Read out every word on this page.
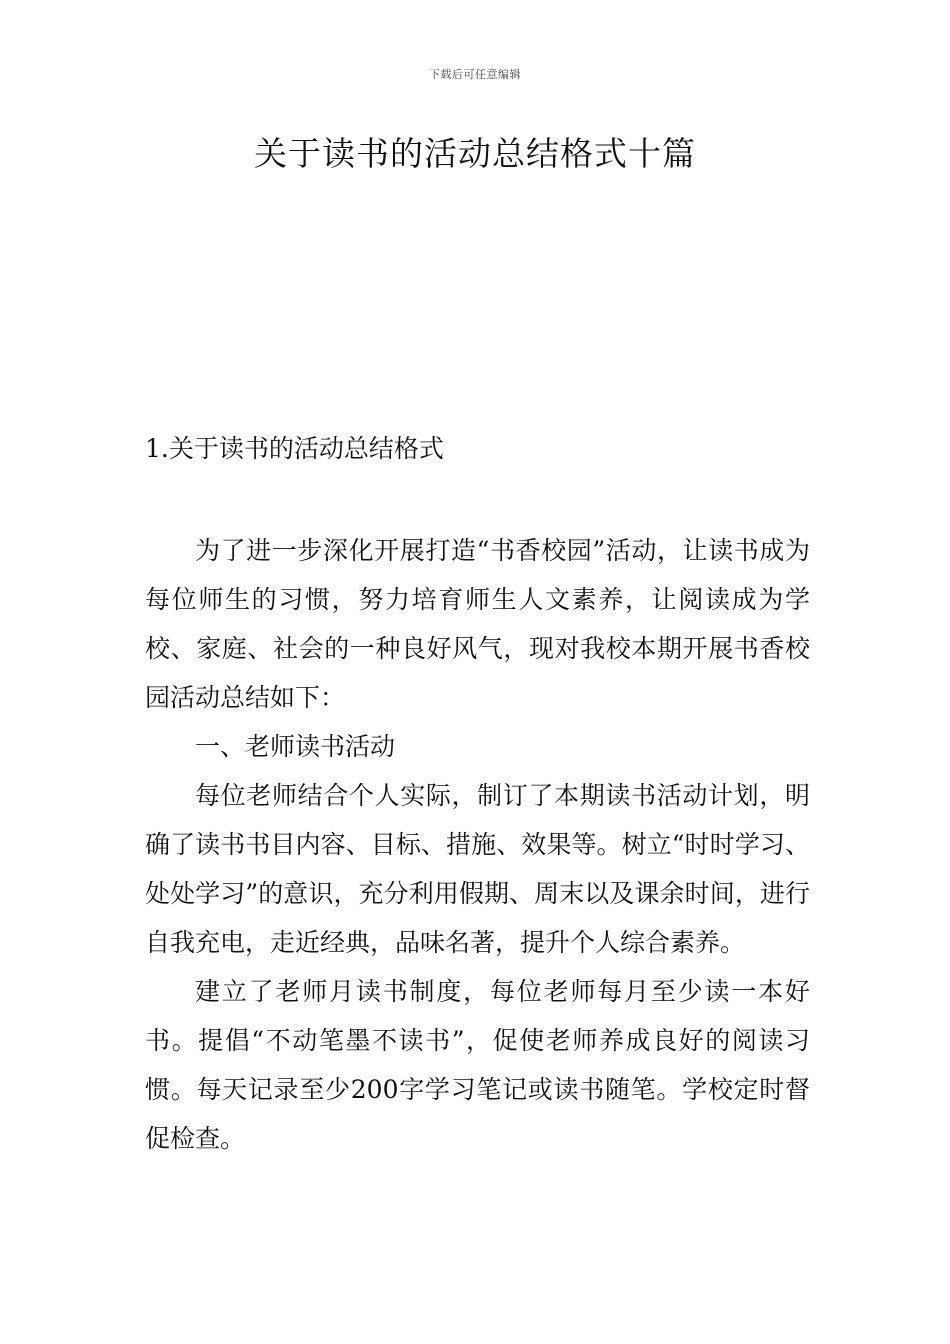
下载后可任意编辑
关于读书的活动总结格式十篇
1.关于读书的活动总结格式

为了进一步深化开展打造“书香校园”活动，让读书成为每位师生的习惯，努力培育师生人文素养，让阅读成为学校、家庭、社会的一种良好风气，现对我校本期开展书香校园活动总结如下：

一、老师读书活动

每位老师结合个人实际，制订了本期读书活动计划，明确了读书书目内容、目标、措施、效果等。树立“时时学习、处处学习”的意识，充分利用假期、周末以及课余时间，进行自我充电，走近经典，品味名著，提升个人综合素养。

建立了老师月读书制度，每位老师每月至少读一本好书。提倡“不动笔墨不读书”，促使老师养成良好的阅读习惯。每天记录至少200字学习笔记或读书随笔。学校定时督促检查。
